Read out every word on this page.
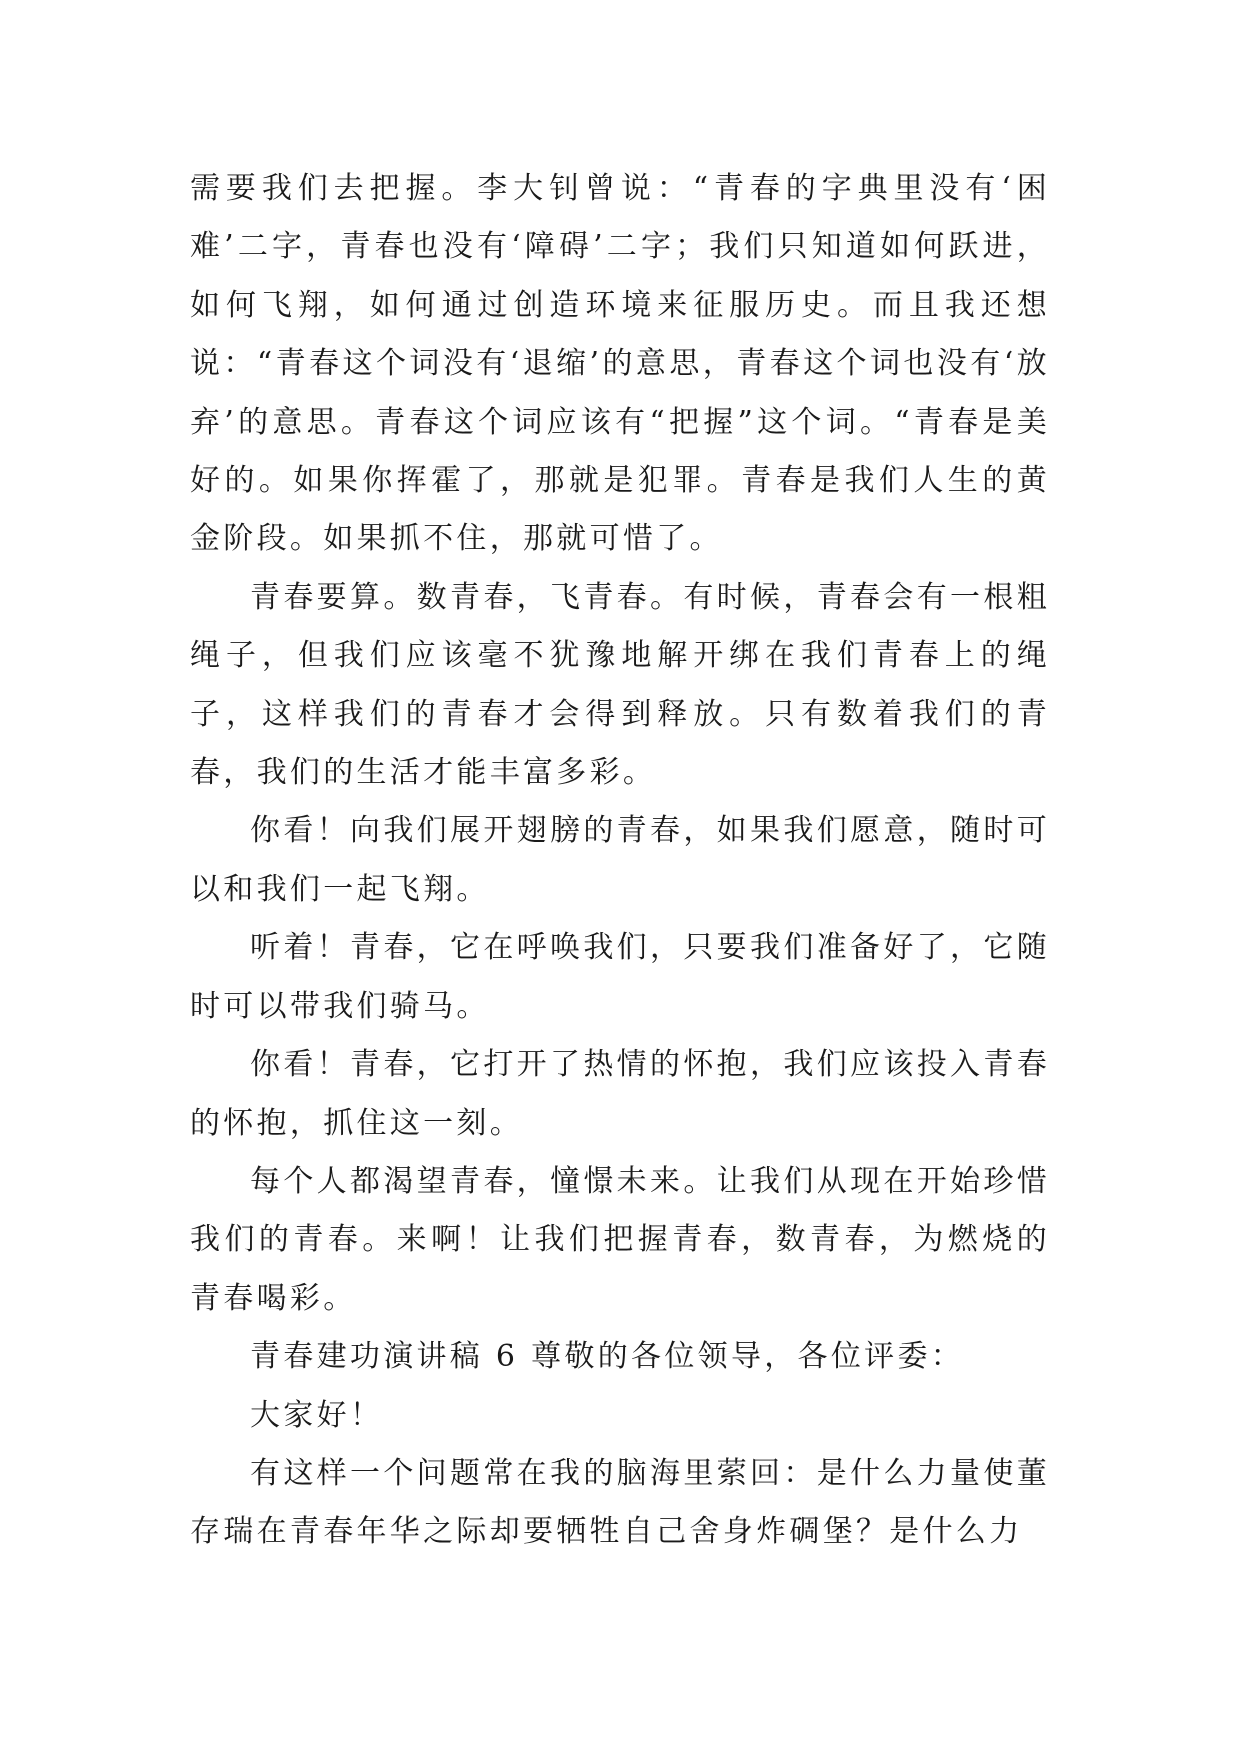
需要我们去把握。李大钊曾说：“青春的字典里没有‘困难’二字，青春也没有‘障碍’二字；我们只知道如何跃进，如何飞翔，如何通过创造环境来征服历史。而且我还想说：“青春这个词没有‘退缩’的意思，青春这个词也没有‘放弃’的意思。青春这个词应该有“把握”这个词。“青春是美好的。如果你挥霍了，那就是犯罪。青春是我们人生的黄金阶段。如果抓不住，那就可惜了。

青春要算。数青春，飞青春。有时候，青春会有一根粗绳子，但我们应该毫不犹豫地解开绑在我们青春上的绳子，这样我们的青春才会得到释放。只有数着我们的青春，我们的生活才能丰富多彩。

你看！向我们展开翅膀的青春，如果我们愿意，随时可以和我们一起飞翔。

听着！青春，它在呼唤我们，只要我们准备好了，它随时可以带我们骑马。

你看！青春，它打开了热情的怀抱，我们应该投入青春的怀抱，抓住这一刻。

每个人都渴望青春，憧憬未来。让我们从现在开始珍惜我们的青春。来啊！让我们把握青春，数青春，为燃烧的青春喝彩。

青春建功演讲稿 6 尊敬的各位领导，各位评委：

大家好！

有这样一个问题常在我的脑海里萦回：是什么力量使董存瑞在青春年华之际却要牺牲自己舍身炸碉堡？是什么力
